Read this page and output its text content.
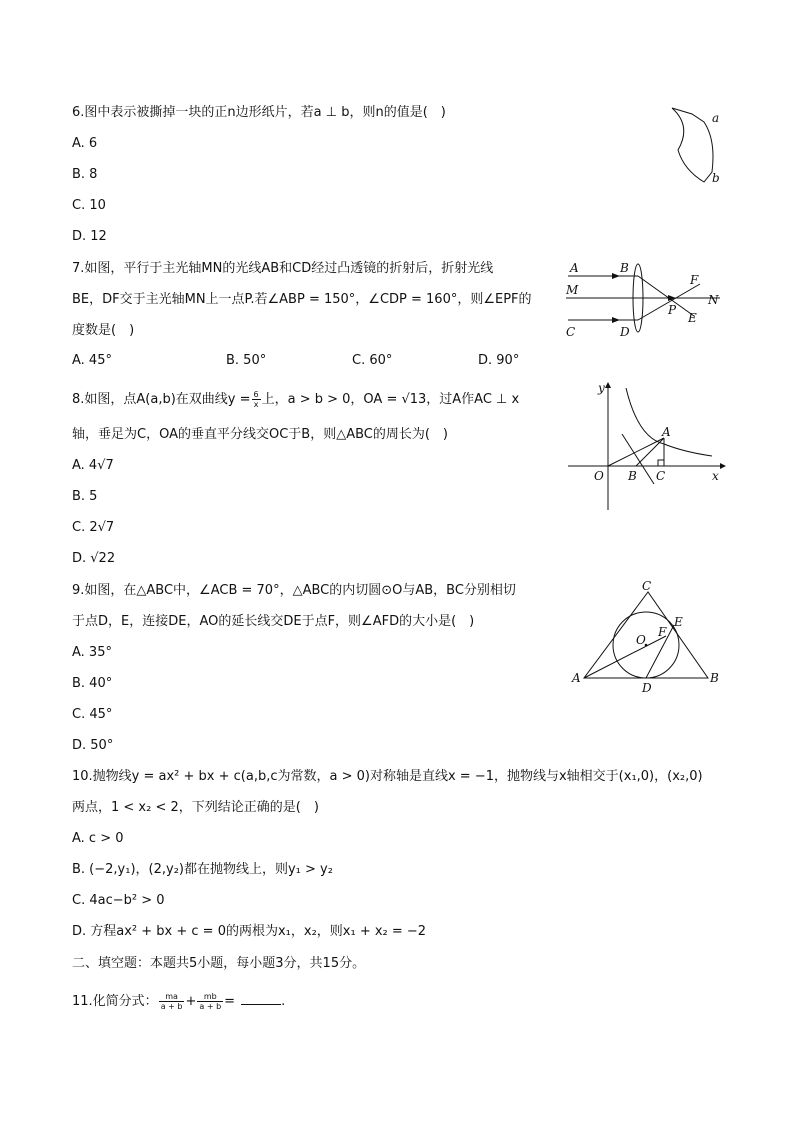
6.图中表示被撕掉一块的正n边形纸片，若a ⊥ b，则n的值是(　)
A. 6
B. 8
C. 10
D. 12
a
b
7.如图，平行于主光轴MN的光线AB和CD经过凸透镜的折射后，折射光线
BE，DF交于主光轴MN上一点P.若∠ABP = 150°，∠CDP = 160°，则∠EPF的
度数是(　)
A. 45°	B. 50°	C. 60°	D. 90°
A	B
M
C	D
P
F
E
N
8.如图，点A(a,b)在双曲线$y = \frac{6}{x}$ 上，a > b > 0，OA = √13，过A作AC ⊥ x
轴，垂足为C，OA的垂直平分线交OC于B，则△ABC的周长为(　)
A. 4√7
B. 5
C. 2√7
D. √22
y
x
O B C
A
9.如图，在△ABC中，∠ACB = 70°，△ABC的内切圆⊙O与AB，BC分别相切
于点D，E，连接DE，AO的延长线交DE于点F，则∠AFD的大小是(　)
A. 35°
B. 40°
C. 45°
D. 50°
C
E
O
F
A	B
D
10.抛物线y = ax² + bx + c(a,b,c为常数，a > 0)对称轴是直线x = −1，抛物线与x轴相交于(x₁,0)，(x₂,0)
两点，1 < x₂ < 2，下列结论正确的是(　)
A. c > 0
B. (−2,y₁)，(2,y₂)都在抛物线上，则y₁ > y₂
C. 4ac−b² > 0
D. 方程ax² + bx + c = 0的两根为x₁，x₂，则x₁ + x₂ = −2
二、填空题：本题共5小题，每小题3分，共15分。
11.化简分式： $\frac{ma}{a + b} + \frac{mb}{a + b}$ =	.
